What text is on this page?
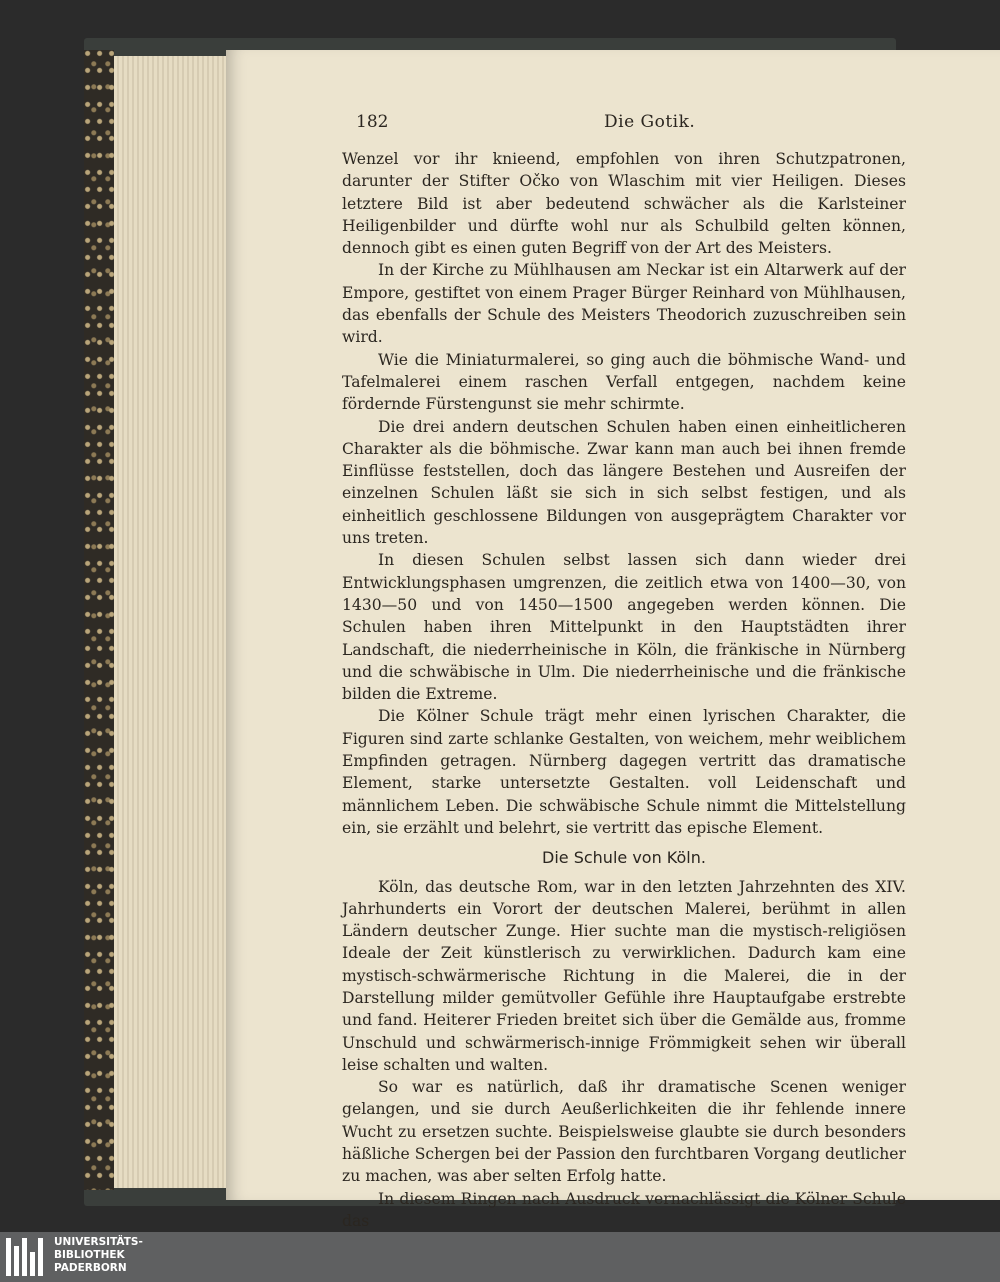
182	Die Gotik.

Wenzel vor ihr knieend, empfohlen von ihren Schutzpatronen, darunter der Stifter Očko von Wlaschim mit vier Heiligen. Dieses letztere Bild ist aber bedeutend schwächer als die Karlsteiner Heiligenbilder und dürfte wohl nur als Schulbild gelten können, dennoch gibt es einen guten Begriff von der Art des Meisters.

In der Kirche zu Mühlhausen am Neckar ist ein Altarwerk auf der Empore, gestiftet von einem Prager Bürger Reinhard von Mühlhausen, das ebenfalls der Schule des Meisters Theodorich zuzuschreiben sein wird.

Wie die Miniaturmalerei, so ging auch die böhmische Wand- und Tafelmalerei einem raschen Verfall entgegen, nachdem keine fördernde Fürstengunst sie mehr schirmte.

Die drei andern deutschen Schulen haben einen einheitlicheren Charakter als die böhmische. Zwar kann man auch bei ihnen fremde Einflüsse feststellen, doch das längere Bestehen und Ausreifen der einzelnen Schulen läßt sie sich in sich selbst festigen, und als einheitlich geschlossene Bildungen von ausgeprägtem Charakter vor uns treten.

In diesen Schulen selbst lassen sich dann wieder drei Entwicklungsphasen umgrenzen, die zeitlich etwa von 1400—30, von 1430—50 und von 1450—1500 angegeben werden können. Die Schulen haben ihren Mittelpunkt in den Hauptstädten ihrer Landschaft, die niederrheinische in Köln, die fränkische in Nürnberg und die schwäbische in Ulm. Die niederrheinische und die fränkische bilden die Extreme.

Die Kölner Schule trägt mehr einen lyrischen Charakter, die Figuren sind zarte schlanke Gestalten, von weichem, mehr weiblichem Empfinden getragen. Nürnberg dagegen vertritt das dramatische Element, starke untersetzte Gestalten. voll Leidenschaft und männlichem Leben. Die schwäbische Schule nimmt die Mittelstellung ein, sie erzählt und belehrt, sie vertritt das epische Element.

Die Schule von Köln.

Köln, das deutsche Rom, war in den letzten Jahrzehnten des XIV. Jahrhunderts ein Vorort der deutschen Malerei, berühmt in allen Ländern deutscher Zunge. Hier suchte man die mystisch-religiösen Ideale der Zeit künstlerisch zu verwirklichen. Dadurch kam eine mystisch-schwärmerische Richtung in die Malerei, die in der Darstellung milder gemütvoller Gefühle ihre Hauptaufgabe erstrebte und fand. Heiterer Frieden breitet sich über die Gemälde aus, fromme Unschuld und schwärmerisch-innige Frömmigkeit sehen wir überall leise schalten und walten.

So war es natürlich, daß ihr dramatische Scenen weniger gelangen, und sie durch Aeußerlichkeiten die ihr fehlende innere Wucht zu ersetzen suchte. Beispielsweise glaubte sie durch besonders häßliche Schergen bei der Passion den furchtbaren Vorgang deutlicher zu machen, was aber selten Erfolg hatte.

In diesem Ringen nach Ausdruck vernachlässigt die Kölner Schule das

UNIVERSITÄTS-
BIBLIOTHEK
PADERBORN
